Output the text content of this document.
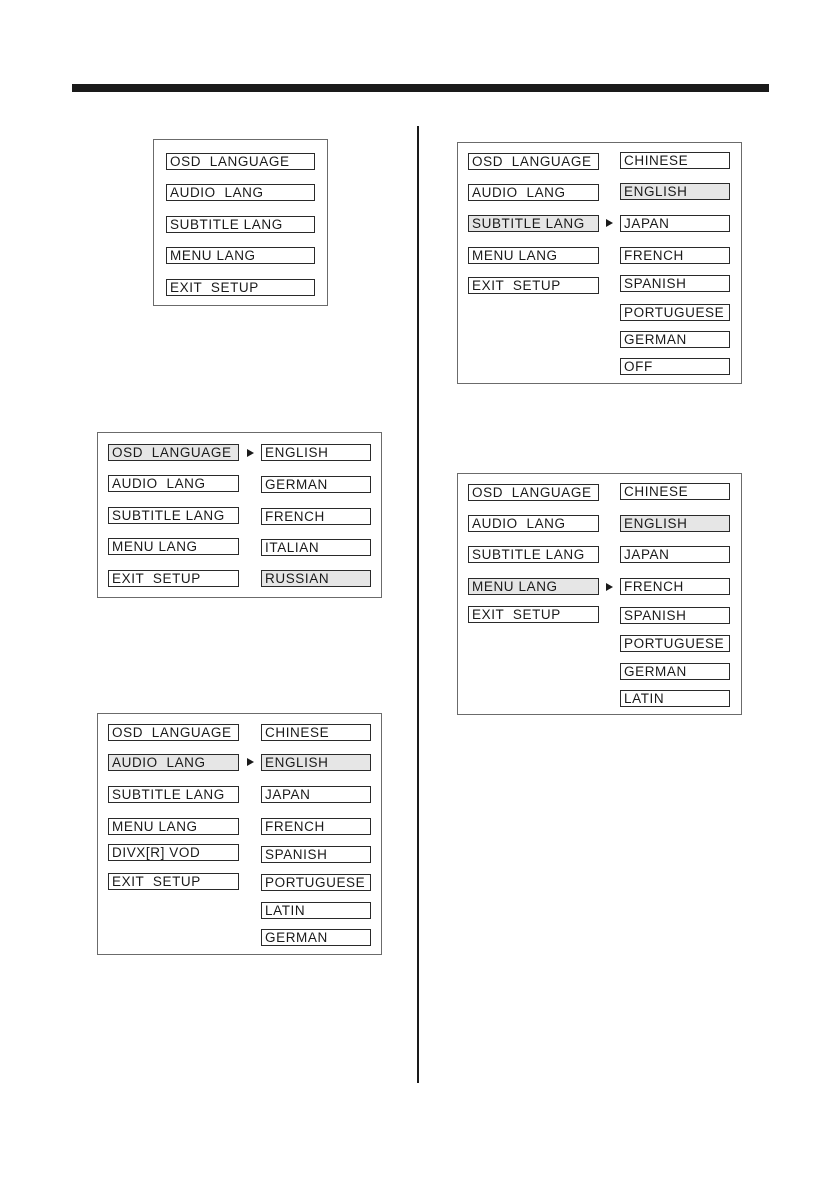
OSD  LANGUAGE
AUDIO  LANG
SUBTITLE LANG
MENU LANG
EXIT  SETUP
OSD  LANGUAGE
AUDIO  LANG
SUBTITLE LANG
MENU LANG
EXIT  SETUP
ENGLISH
GERMAN
FRENCH
ITALIAN
RUSSIAN
OSD  LANGUAGE
AUDIO  LANG
SUBTITLE LANG
MENU LANG
DIVX[R] VOD
EXIT  SETUP
CHINESE
ENGLISH
JAPAN
FRENCH
SPANISH
PORTUGUESE
LATIN
GERMAN
OSD  LANGUAGE
AUDIO  LANG
SUBTITLE LANG
MENU LANG
EXIT  SETUP
CHINESE
ENGLISH
JAPAN
FRENCH
SPANISH
PORTUGUESE
GERMAN
OFF
OSD  LANGUAGE
AUDIO  LANG
SUBTITLE LANG
MENU LANG
EXIT  SETUP
CHINESE
ENGLISH
JAPAN
FRENCH
SPANISH
PORTUGUESE
GERMAN
LATIN
